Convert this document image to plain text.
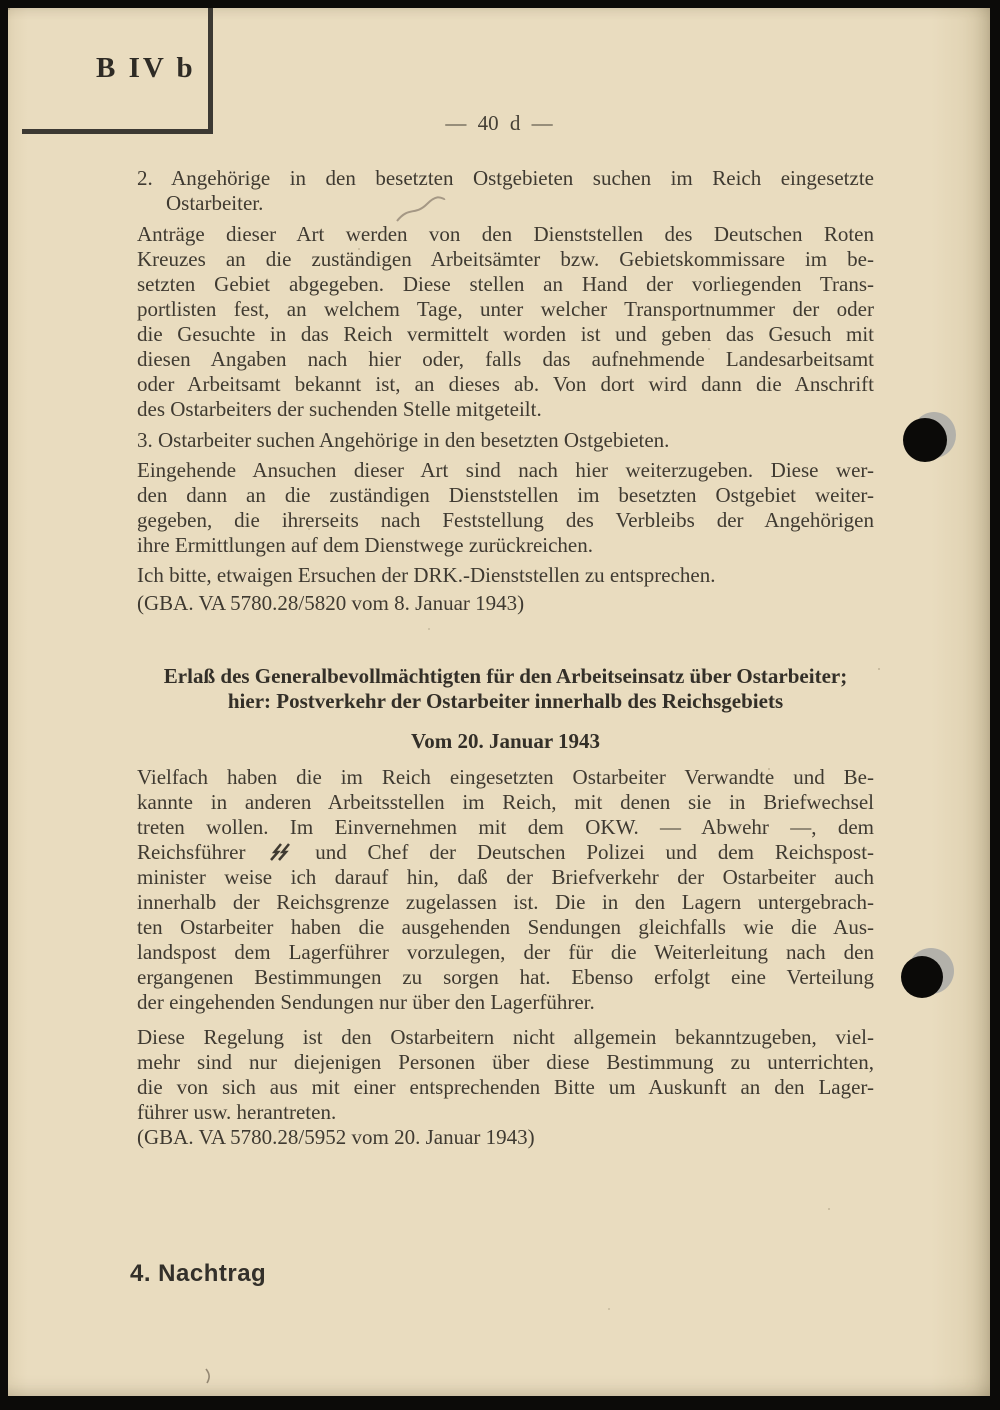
B IV b
— 40 d —
2. Angehörige in den besetzten Ostgebieten suchen im Reich eingesetzte
Ostarbeiter.
Anträge dieser Art werden von den Dienststellen des Deutschen Roten
Kreuzes an die zuständigen Arbeitsämter bzw. Gebietskommissare im be-
setzten Gebiet abgegeben. Diese stellen an Hand der vorliegenden Trans-
portlisten fest, an welchem Tage, unter welcher Transportnummer der oder
die Gesuchte in das Reich vermittelt worden ist und geben das Gesuch mit
diesen Angaben nach hier oder, falls das aufnehmende Landesarbeitsamt
oder Arbeitsamt bekannt ist, an dieses ab. Von dort wird dann die Anschrift
des Ostarbeiters der suchenden Stelle mitgeteilt.
3. Ostarbeiter suchen Angehörige in den besetzten Ostgebieten.
Eingehende Ansuchen dieser Art sind nach hier weiterzugeben. Diese wer-
den dann an die zuständigen Dienststellen im besetzten Ostgebiet weiter-
gegeben, die ihrerseits nach Feststellung des Verbleibs der Angehörigen
ihre Ermittlungen auf dem Dienstwege zurückreichen.
Ich bitte, etwaigen Ersuchen der DRK.-Dienststellen zu entsprechen.
(GBA. VA 5780.28/5820 vom 8. Januar 1943)
Erlaß des Generalbevollmächtigten für den Arbeitseinsatz über Ostarbeiter;
hier: Postverkehr der Ostarbeiter innerhalb des Reichsgebiets
Vom 20. Januar 1943
Vielfach haben die im Reich eingesetzten Ostarbeiter Verwandte und Be-
kannte in anderen Arbeitsstellen im Reich, mit denen sie in Briefwechsel
treten wollen. Im Einvernehmen mit dem OKW. — Abwehr —, dem
Reichsführer	und Chef der Deutschen Polizei und dem Reichspost-
minister weise ich darauf hin, daß der Briefverkehr der Ostarbeiter auch
innerhalb der Reichsgrenze zugelassen ist. Die in den Lagern untergebrach-
ten Ostarbeiter haben die ausgehenden Sendungen gleichfalls wie die Aus-
landspost dem Lagerführer vorzulegen, der für die Weiterleitung nach den
ergangenen Bestimmungen zu sorgen hat. Ebenso erfolgt eine Verteilung
der eingehenden Sendungen nur über den Lagerführer.
Diese Regelung ist den Ostarbeitern nicht allgemein bekanntzugeben, viel-
mehr sind nur diejenigen Personen über diese Bestimmung zu unterrichten,
die von sich aus mit einer entsprechenden Bitte um Auskunft an den Lager-
führer usw. herantreten.
(GBA. VA 5780.28/5952 vom 20. Januar 1943)
4. Nachtrag
